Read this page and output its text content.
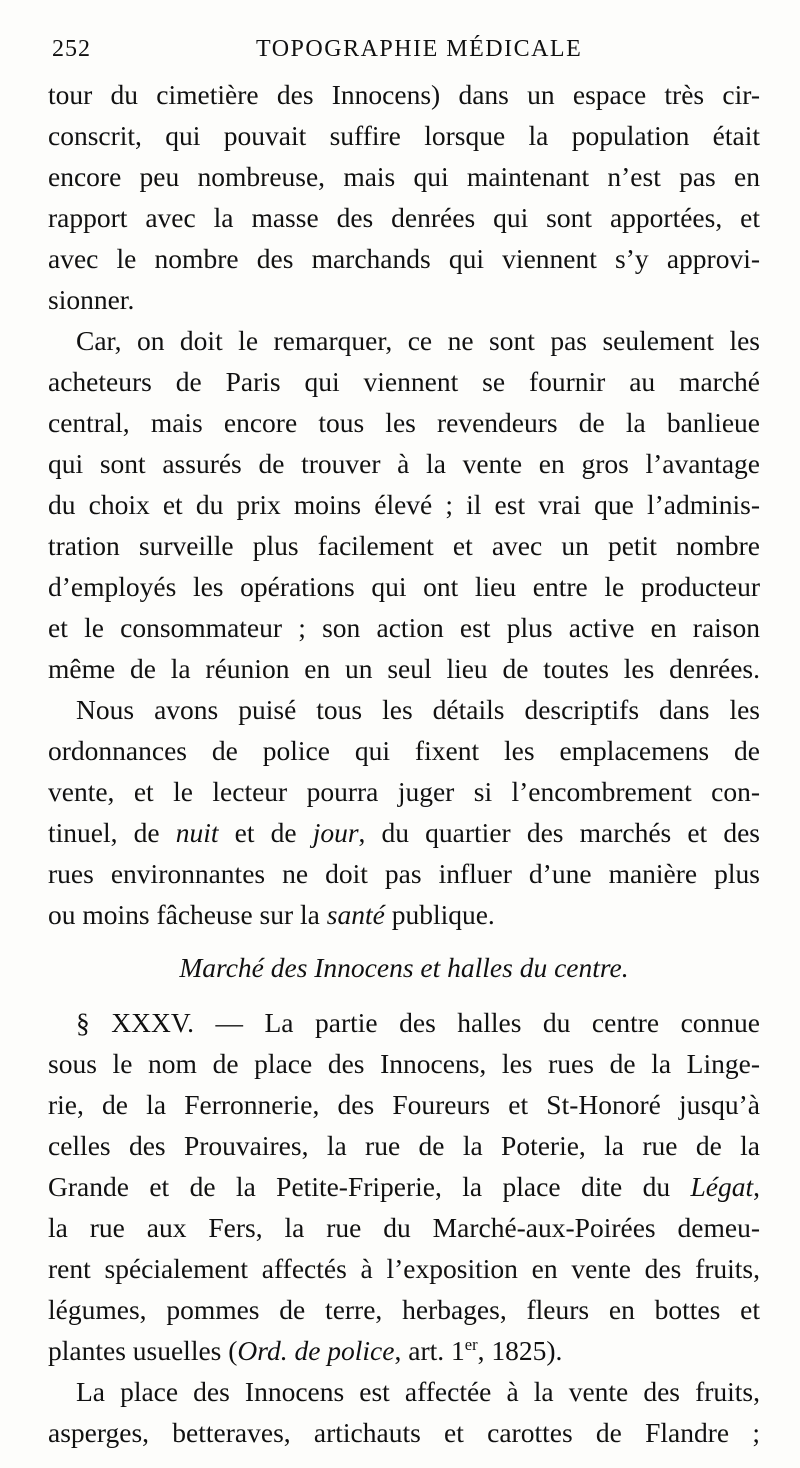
252	TOPOGRAPHIE MÉDICALE
tour du cimetière des Innocens) dans un espace très cir-
conscrit, qui pouvait suffire lorsque la population était
encore peu nombreuse, mais qui maintenant n’est pas en
rapport avec la masse des denrées qui sont apportées, et
avec le nombre des marchands qui viennent s’y approvi-
sionner.
Car, on doit le remarquer, ce ne sont pas seulement les
acheteurs de Paris qui viennent se fournir au marché
central, mais encore tous les revendeurs de la banlieue
qui sont assurés de trouver à la vente en gros l’avantage
du choix et du prix moins élevé ; il est vrai que l’adminis-
tration surveille plus facilement et avec un petit nombre
d’employés les opérations qui ont lieu entre le producteur
et le consommateur ; son action est plus active en raison
même de la réunion en un seul lieu de toutes les denrées.
Nous avons puisé tous les détails descriptifs dans les
ordonnances de police qui fixent les emplacemens de
vente, et le lecteur pourra juger si l’encombrement con-
tinuel, de nuit et de jour, du quartier des marchés et des
rues environnantes ne doit pas influer d’une manière plus
ou moins fâcheuse sur la santé publique.
Marché des Innocens et halles du centre.
§ XXXV. — La partie des halles du centre connue
sous le nom de place des Innocens, les rues de la Linge-
rie, de la Ferronnerie, des Foureurs et St-Honoré jusqu’à
celles des Prouvaires, la rue de la Poterie, la rue de la
Grande et de la Petite-Friperie, la place dite du Légat,
la rue aux Fers, la rue du Marché-aux-Poirées demeu-
rent spécialement affectés à l’exposition en vente des fruits,
légumes, pommes de terre, herbages, fleurs en bottes et
plantes usuelles (Ord. de police, art. 1er, 1825).
La place des Innocens est affectée à la vente des fruits,
asperges, betteraves, artichauts et carottes de Flandre ;
